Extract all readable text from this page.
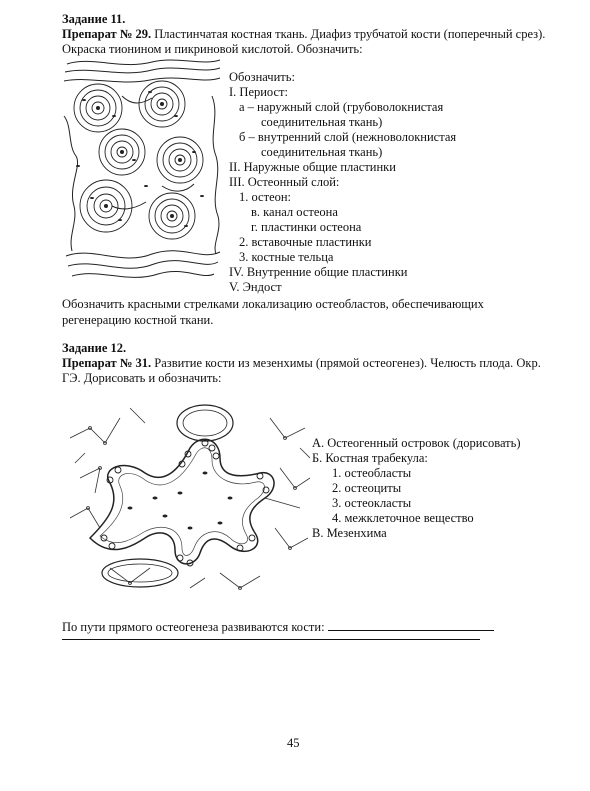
Задание 11.
Препарат № 29. Пластинчатая костная ткань. Диафиз трубчатой кости (поперечный срез).
Окраска тионином и пикриновой кислотой. Обозначить:
Обозначить:
I. Периост:
а – наружный слой (грубоволокнистая
соединительная ткань)
б – внутренний слой (нежноволокнистая
соединительная ткань)
II. Наружные общие пластинки
III. Остеонный слой:
1. остеон:
в. канал остеона
г. пластинки остеона
2. вставочные пластинки
3. костные тельца
IV. Внутренние общие пластинки
V. Эндост
Обозначить красными стрелками локализацию остеобластов, обеспечивающих
регенерацию костной ткани.
Задание 12.
Препарат № 31. Развитие кости из мезенхимы (прямой остеогенез). Челюсть плода. Окр.
ГЭ. Дорисовать и обозначить:
А. Остеогенный островок (дорисовать)
Б. Костная трабекула:
1. остеобласты
2. остеоциты
3. остеокласты
4. межклеточное вещество
В. Мезенхима
По пути прямого остеогенеза развиваются кости:
45
